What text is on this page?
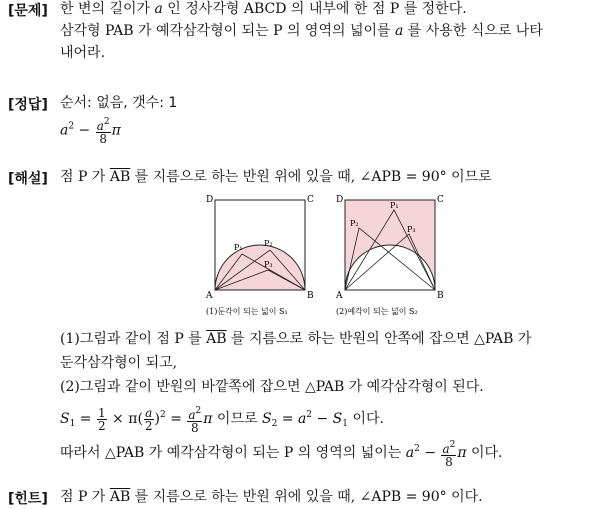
[문제] 한 변의 길이가 a 인 정사각형 ABCD 의 내부에 한 점 P 를 정한다.
삼각형 PAB 가 예각삼각형이 되는 P 의 영역의 넓이를 a 를 사용한 식으로 나타
내어라.
[정답] 순서: 없음, 갯수: 1
$a^2 - \frac{a^2}{8}$ π
[해설] 점 P 가 $\overline{AB}$ 를 지름으로 하는 반원 위에 있을 때, ∠APB = 90° 이므로
D	C
A	B
P₁	P₂
P₃
(1)둔각이 되는 넓이 S₁
D	C
A	B
P₁
P₂
P₃
(2)예각이 되는 넓이 S₂
(1)그림과 같이 점 P 를 $\overline{AB}$ 를 지름으로 하는 반원의 안쪽에 잡으면 △PAB 가
둔각삼각형이 되고,
(2)그림과 같이 반원의 바깥쪽에 잡으면 △PAB 가 예각삼각형이 된다.
$S_1 = \frac{1}{2} \times \pi( \frac{a}{2} )^2 = \frac{a^2}{8}$ π 이므로 $S_2 = a^2 - S_1$ 이다.
따라서 △PAB 가 예각삼각형이 되는 P 의 영역의 넓이는 $a^2 - \frac{a^2}{8}$ π 이다.
[힌트] 점 P 가 $\overline{AB}$ 를 지름으로 하는 반원 위에 있을 때, ∠APB = 90° 이다.
